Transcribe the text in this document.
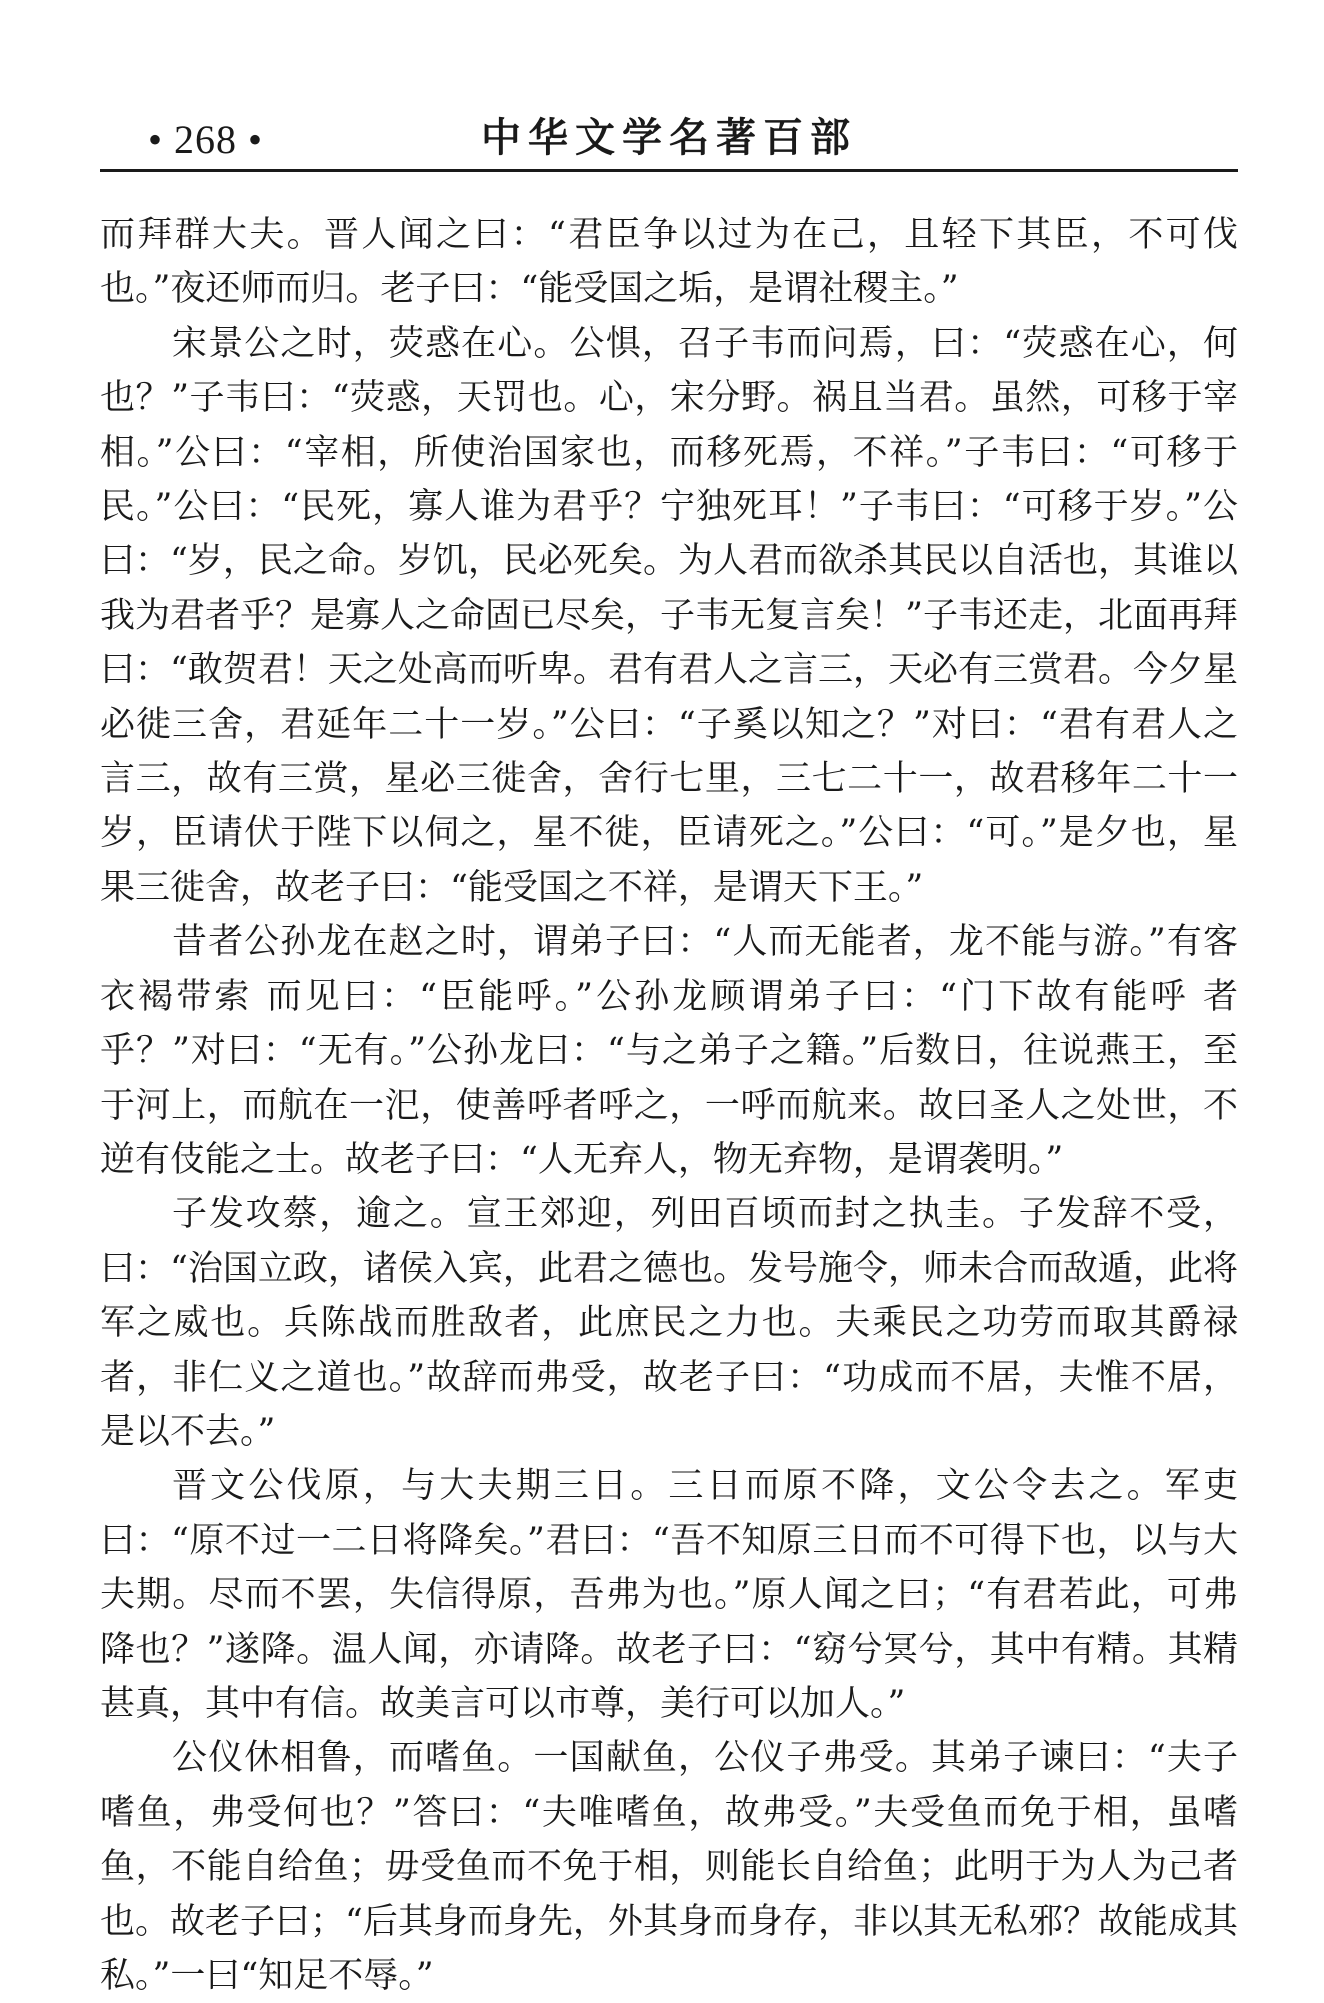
• 268 •	中华文学名著百部

而拜群大夫。晋人闻之曰：“君臣争以过为在己，且轻下其臣，不可伐也。”夜还师而归。老子曰：“能受国之垢，是谓社稷主。”

宋景公之时，荧惑在心。公惧，召子韦而问焉，曰：“荧惑在心，何也？”子韦曰：“荧惑，天罚也。心，宋分野。祸且当君。虽然，可移于宰相。”公曰：“宰相，所使治国家也，而移死焉，不祥。”子韦曰：“可移于民。”公曰：“民死，寡人谁为君乎？宁独死耳！”子韦曰：“可移于岁。”公曰：“岁，民之命。岁饥，民必死矣。为人君而欲杀其民以自活也，其谁以我为君者乎？是寡人之命固已尽矣，子韦无复言矣！”子韦还走，北面再拜曰：“敢贺君！天之处高而听卑。君有君人之言三，天必有三赏君。今夕星必徙三舍，君延年二十一岁。”公曰：“子奚以知之？”对曰：“君有君人之言三，故有三赏，星必三徙舍，舍行七里，三七二十一，故君移年二十一岁，臣请伏于陛下以伺之，星不徙，臣请死之。”公曰：“可。”是夕也，星果三徙舍，故老子曰：“能受国之不祥，是谓天下王。”

昔者公孙龙在赵之时，谓弟子曰：“人而无能者，龙不能与游。”有客衣褐带索 而见曰：“臣能呼。”公孙龙顾谓弟子曰：“门下故有能呼 者乎？”对曰：“无有。”公孙龙曰：“与之弟子之籍。”后数日，往说燕王，至于河上，而航在一汜，使善呼者呼之，一呼而航来。故曰圣人之处世，不逆有伎能之士。故老子曰：“人无弃人，物无弃物，是谓袭明。”

子发攻蔡，逾之。宣王郊迎，列田百顷而封之执圭。子发辞不受，曰：“治国立政，诸侯入宾，此君之德也。发号施令，师未合而敌遁，此将军之威也。兵陈战而胜敌者，此庶民之力也。夫乘民之功劳而取其爵禄者，非仁义之道也。”故辞而弗受，故老子曰：“功成而不居，夫惟不居，是以不去。”

晋文公伐原，与大夫期三日。三日而原不降，文公令去之。军吏曰：“原不过一二日将降矣。”君曰：“吾不知原三日而不可得下也，以与大夫期。尽而不罢，失信得原，吾弗为也。”原人闻之曰；“有君若此，可弗降也？”遂降。温人闻，亦请降。故老子曰：“窈兮冥兮，其中有精。其精甚真，其中有信。故美言可以市尊，美行可以加人。”

公仪休相鲁，而嗜鱼。一国献鱼，公仪子弗受。其弟子谏曰：“夫子嗜鱼，弗受何也？”答曰：“夫唯嗜鱼，故弗受。”夫受鱼而免于相，虽嗜鱼，不能自给鱼；毋受鱼而不免于相，则能长自给鱼；此明于为人为己者也。故老子曰；“后其身而身先，外其身而身存，非以其无私邪？故能成其私。”一曰“知足不辱。”
